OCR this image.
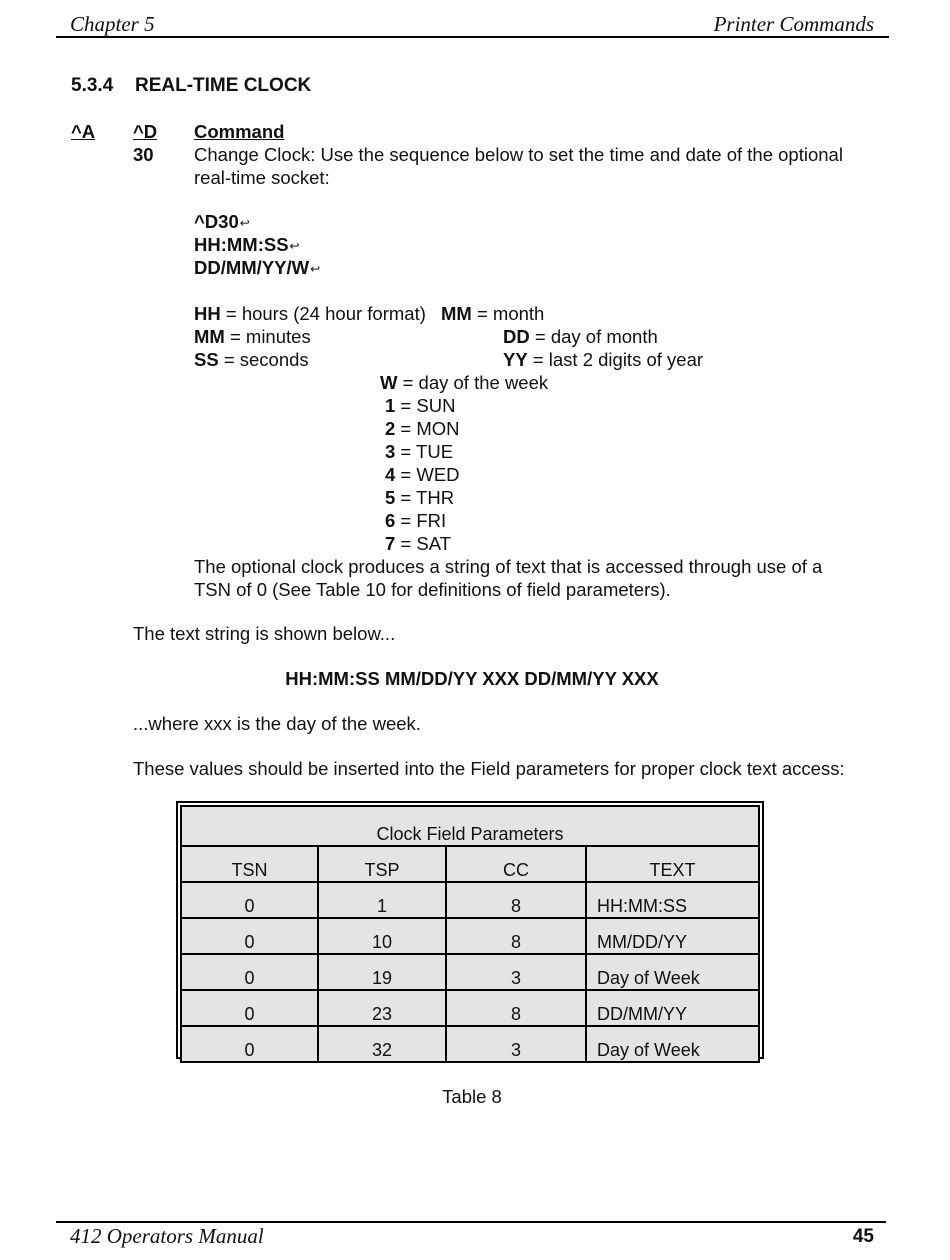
Chapter 5	Printer Commands
5.3.4 REAL-TIME CLOCK
^A ^D Command
30 Change Clock: Use the sequence below to set the time and date of the optional
real-time socket:
^D30↩
HH:MM:SS↩
DD/MM/YY/W↩
HH = hours (24 hour format) MM = month
MM = minutes	DD = day of month
SS = seconds	YY = last 2 digits of year
W = day of the week
1 = SUN
2 = MON
3 = TUE
4 = WED
5 = THR
6 = FRI
7 = SAT
The optional clock produces a string of text that is accessed through use of a
TSN of 0 (See Table 10 for definitions of field parameters).
The text string is shown below...
HH:MM:SS MM/DD/YY XXX DD/MM/YY XXX
...where xxx is the day of the week.
These values should be inserted into the Field parameters for proper clock text access:
Clock Field Parameters			
TSN	TSP	CC	TEXT
0	1	8	HH:MM:SS
0	10	8	MM/DD/YY
0	19	3	Day of Week
0	23	8	DD/MM/YY
0	32	3	Day of Week
Table 8
412 Operators Manual	45
